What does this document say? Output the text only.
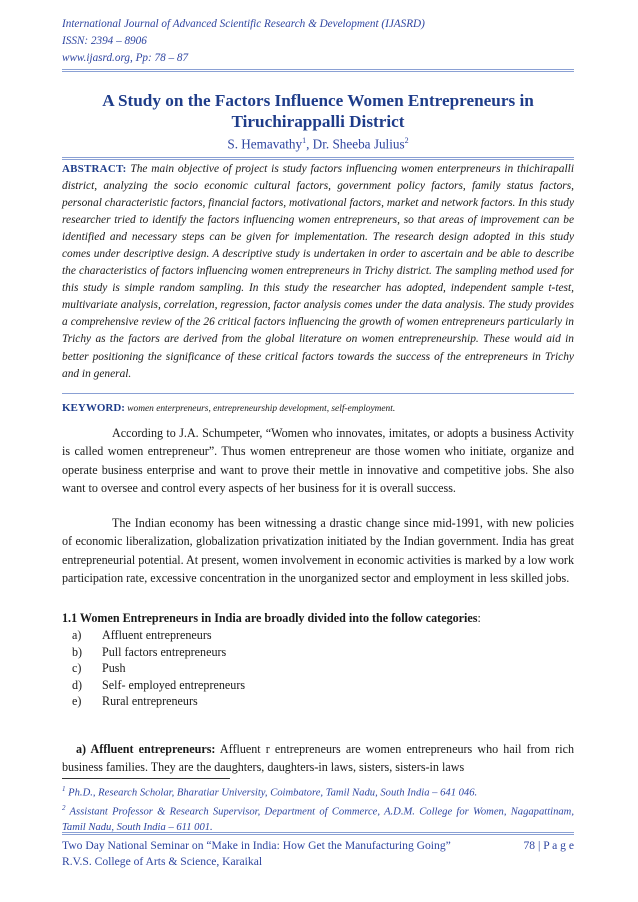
International Journal of Advanced Scientific Research & Development (IJASRD)
ISSN: 2394 – 8906
www.ijasrd.org, Pp: 78 – 87
A Study on the Factors Influence Women Entrepreneurs in
Tiruchirappalli District
S. Hemavathy$^1$, Dr. Sheeba Julius$^2$
ABSTRACT: The main objective of project is study factors influencing women enterpreneurs in thichirapalli district, analyzing the socio economic cultural factors, government policy factors, family status factors, personal characteristic factors, financial factors, motivational factors, market and network factors. In this study researcher tried to identify the factors influencing women entrepreneurs, so that areas of improvement can be identified and necessary steps can be given for implementation. The research design adopted in this study comes under descriptive design. A descriptive study is undertaken in order to ascertain and be able to describe the characteristics of factors influencing women entrepreneurs in Trichy district. The sampling method used for this study is simple random sampling. In this study the researcher has adopted, independent sample t-test, multivariate analysis, correlation, regression, factor analysis comes under the data analysis. The study provides a comprehensive review of the 26 critical factors influencing the growth of women entrepreneurs particularly in Trichy as the factors are derived from the global literature on women entrepreneurship. These would aid in better positioning the significance of these critical factors towards the success of the entrepreneurs in Trichy and in general.
KEYWORD: women enterpreneurs, entrepreneurship development, self-employment.
According to J.A. Schumpeter, “Women who innovates, imitates, or adopts a business Activity is called women entrepreneur”. Thus women entrepreneur are those women who initiate, organize and operate business enterprise and want to prove their mettle in innovative and competitive jobs. She also want to oversee and control every aspects of her business for it is overall success.
The Indian economy has been witnessing a drastic change since mid-1991, with new policies of economic liberalization, globalization privatization initiated by the Indian government. India has great entrepreneurial potential. At present, women involvement in economic activities is marked by a low work participation rate, excessive concentration in the unorganized sector and employment in less skilled jobs.
1.1 Women Entrepreneurs in India are broadly divided into the follow categories:
a)	Affluent entrepreneurs
b)	Pull factors entrepreneurs
c)	Push
d)	Self- employed entrepreneurs
e)	Rural entrepreneurs
a) Affluent entrepreneurs: Affluent r entrepreneurs are women entrepreneurs who hail from rich business families. They are the daughters, daughters-in laws, sisters, sisters-in laws
$^1$ Ph.D., Research Scholar, Bharatiar University, Coimbatore, Tamil Nadu, South India – 641 046.
$^2$ Assistant Professor & Research Supervisor, Department of Commerce, A.D.M. College for Women, Nagapattinam, Tamil Nadu, South India – 611 001.
Two Day National Seminar on “Make in India: How Get the Manufacturing Going”	78 | P a g e
R.V.S. College of Arts & Science, Karaikal
